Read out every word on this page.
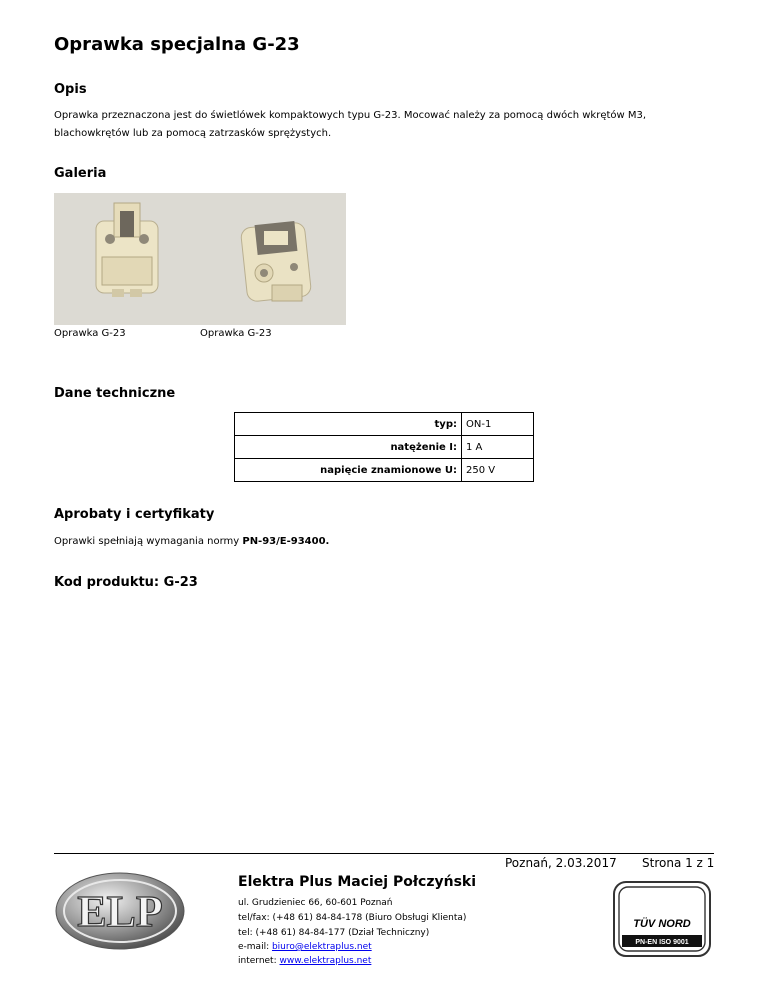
Oprawka specjalna G-23
Opis

Oprawka przeznaczona jest do świetlówek kompaktowych typu G-23. Mocować należy za pomocą dwóch wkrętów M3,
blachowkrętów lub za pomocą zatrzasków sprężystych.

Galeria
Oprawka G-23	Oprawka G-23
Dane techniczne
typ:	ON-1
natężenie I:	1 A
napięcie znamionowe U:	250 V
Aprobaty i certyfikaty

Oprawki spełniają wymagania normy PN-93/E-93400.

Kod produktu: G-23
Poznań, 2.03.2017 Strona 1 z 1
ELP
Elektra Plus Maciej Połczyński
ul. Grudzieniec 66, 60-601 Poznań
tel/fax: (+48 61) 84-84-178 (Biuro Obsługi Klienta)
tel: (+48 61) 84-84-177 (Dział Techniczny)
e-mail: biuro@elektraplus.net
internet: www.elektraplus.net
TÜV NORD
PN-EN ISO 9001
